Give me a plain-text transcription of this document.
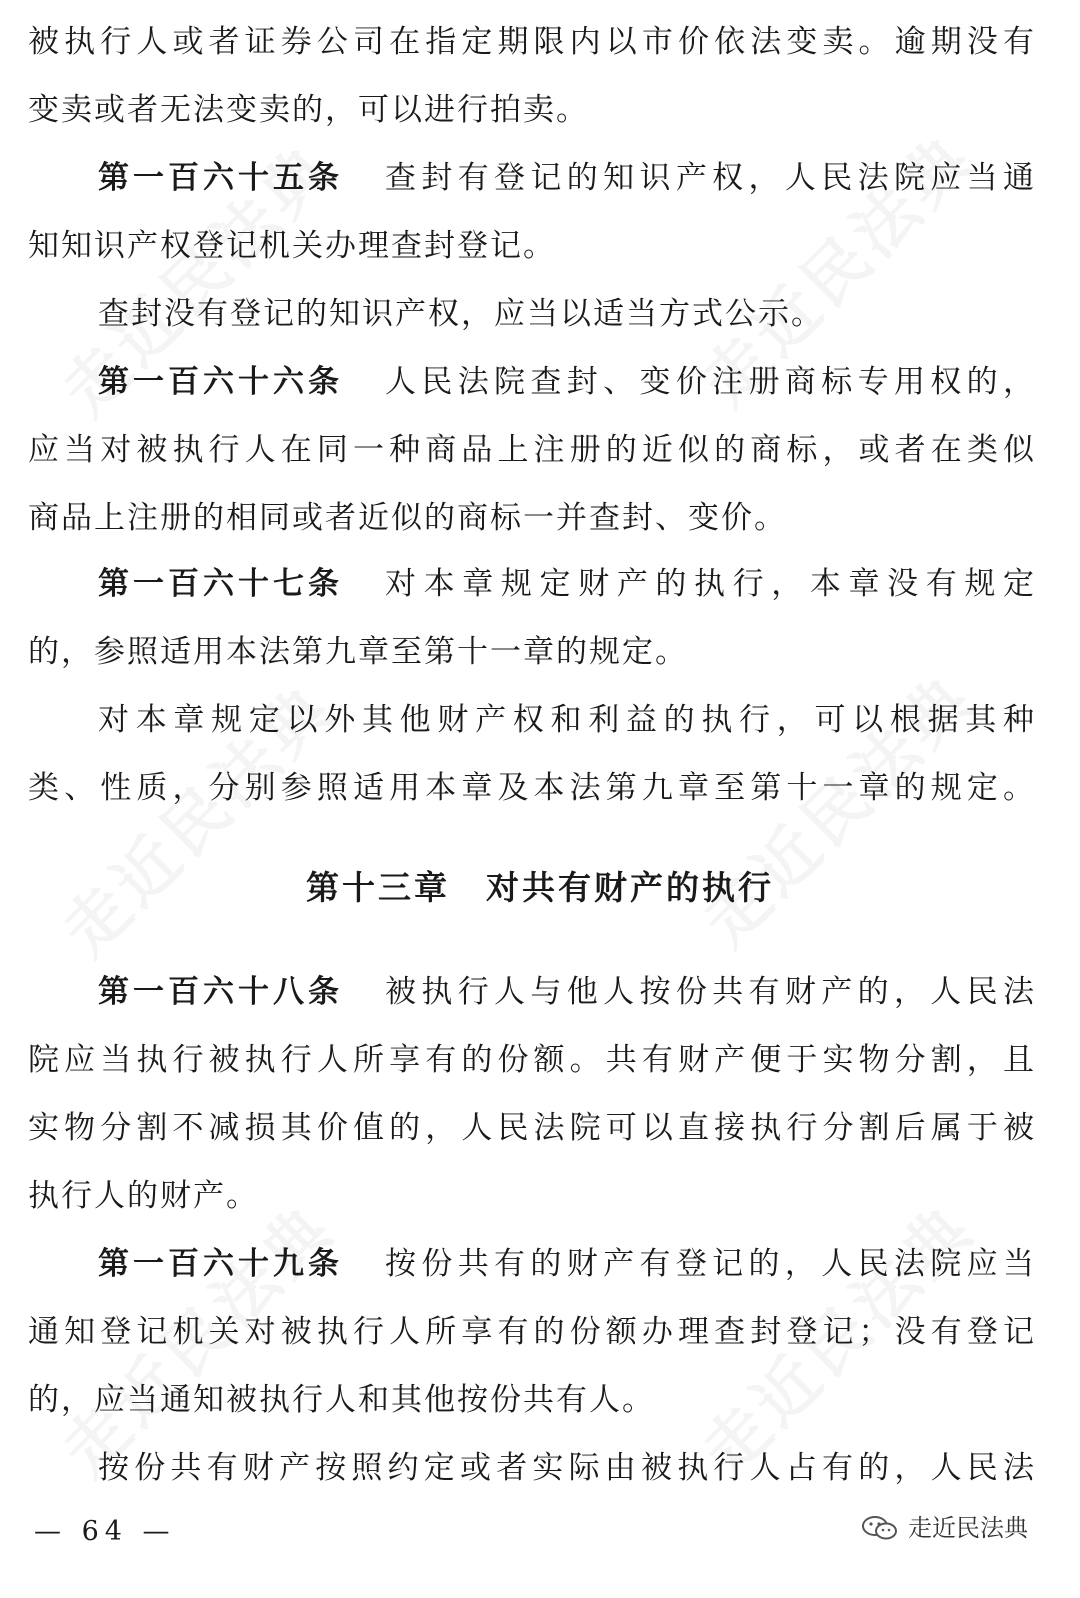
被执行人或者证券公司在指定期限内以市价依法变卖。逾期没有
变卖或者无法变卖的，可以进行拍卖。
第一百六十五条 查封有登记的知识产权，人民法院应当通
知知识产权登记机关办理查封登记。
查封没有登记的知识产权，应当以适当方式公示。
第一百六十六条 人民法院查封、变价注册商标专用权的，
应当对被执行人在同一种商品上注册的近似的商标，或者在类似
商品上注册的相同或者近似的商标一并查封、变价。
第一百六十七条 对本章规定财产的执行，本章没有规定
的，参照适用本法第九章至第十一章的规定。
对本章规定以外其他财产权和利益的执行，可以根据其种
类、性质，分别参照适用本章及本法第九章至第十一章的规定。
第十三章　对共有财产的执行
第一百六十八条 被执行人与他人按份共有财产的，人民法
院应当执行被执行人所享有的份额。共有财产便于实物分割，且
实物分割不减损其价值的，人民法院可以直接执行分割后属于被
执行人的财产。
第一百六十九条 按份共有的财产有登记的，人民法院应当
通知登记机关对被执行人所享有的份额办理查封登记；没有登记
的，应当通知被执行人和其他按份共有人。
按份共有财产按照约定或者实际由被执行人占有的，人民法
— 64 —	走近民法典
